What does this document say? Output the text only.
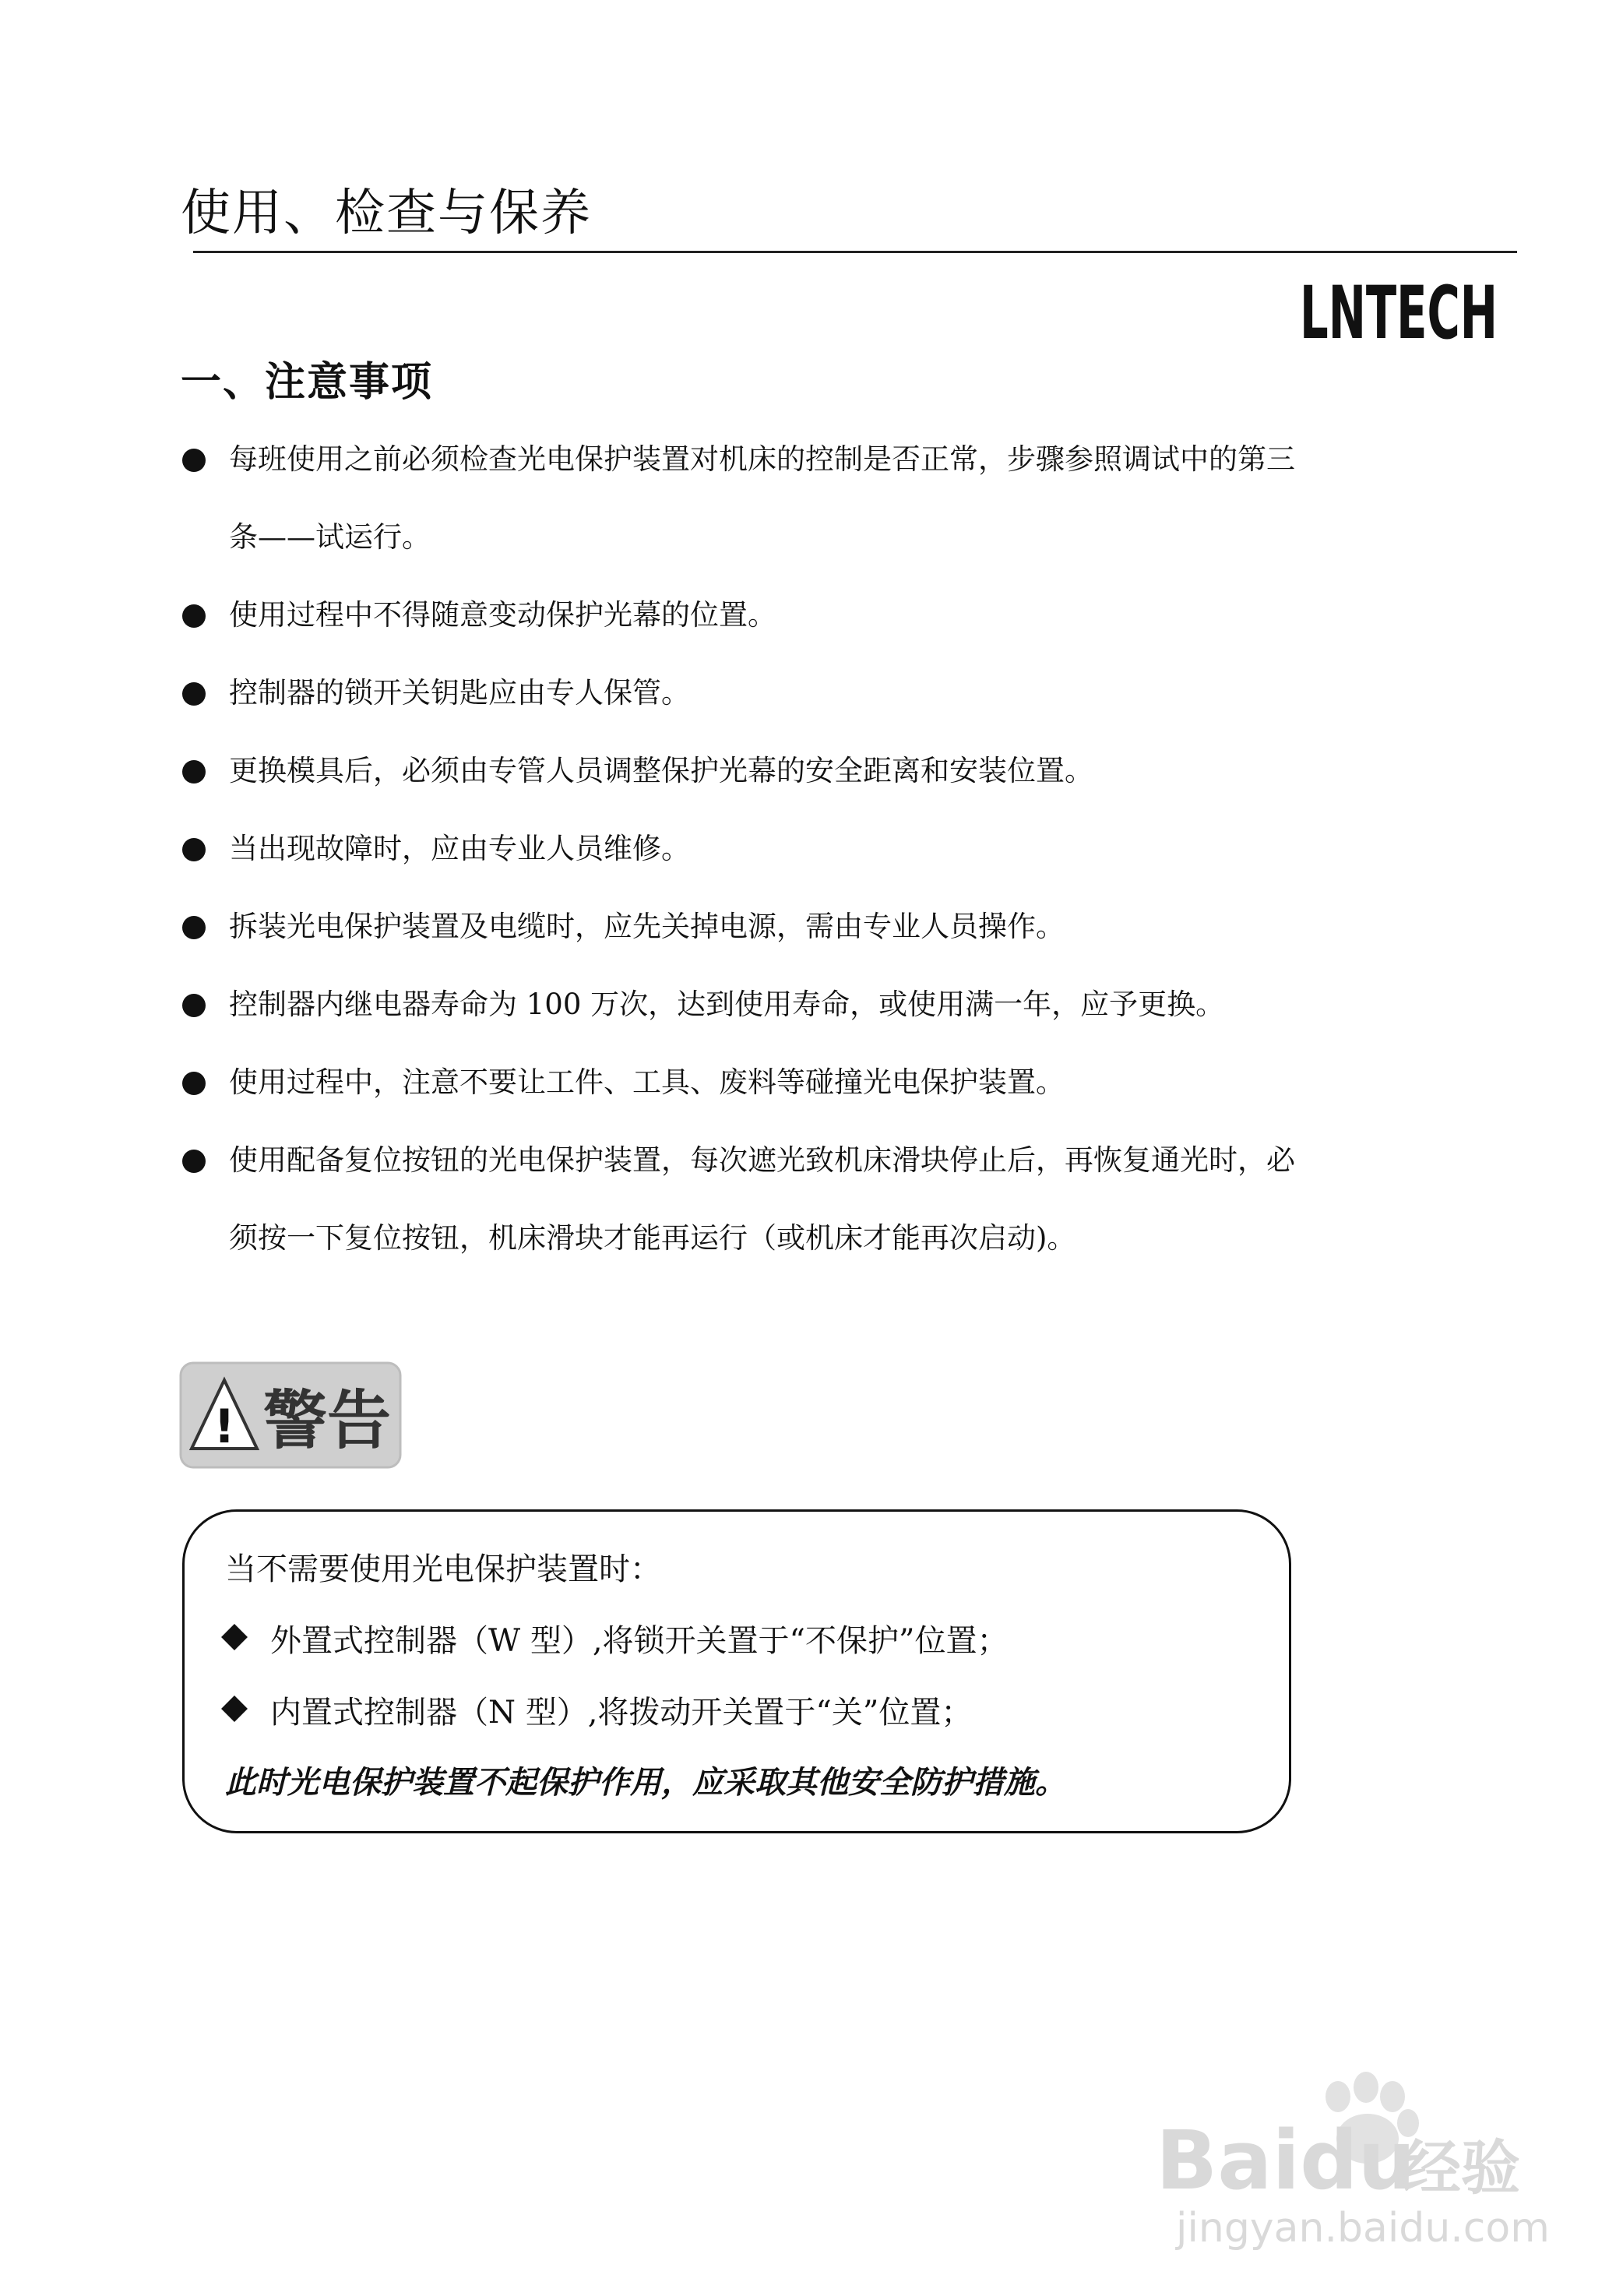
使用、检查与保养
LNTECH
一、注意事项
每班使用之前必须检查光电保护装置对机床的控制是否正常，步骤参照调试中的第三
条——试运行。
使用过程中不得随意变动保护光幕的位置。
控制器的锁开关钥匙应由专人保管。
更换模具后，必须由专管人员调整保护光幕的安全距离和安装位置。
当出现故障时，应由专业人员维修。
拆装光电保护装置及电缆时，应先关掉电源，需由专业人员操作。
控制器内继电器寿命为 100 万次，达到使用寿命，或使用满一年，应予更换。
使用过程中，注意不要让工件、工具、废料等碰撞光电保护装置。
使用配备复位按钮的光电保护装置，每次遮光致机床滑块停止后，再恢复通光时，必
须按一下复位按钮，机床滑块才能再运行（或机床才能再次启动)。
! 警告
当不需要使用光电保护装置时：
外置式控制器（W 型）,将锁开关置于“不保护”位置；
内置式控制器（N 型）,将拨动开关置于“关”位置；
此时光电保护装置不起保护作用，应采取其他安全防护措施。
Baidu
经验
jingyan.baidu.com
